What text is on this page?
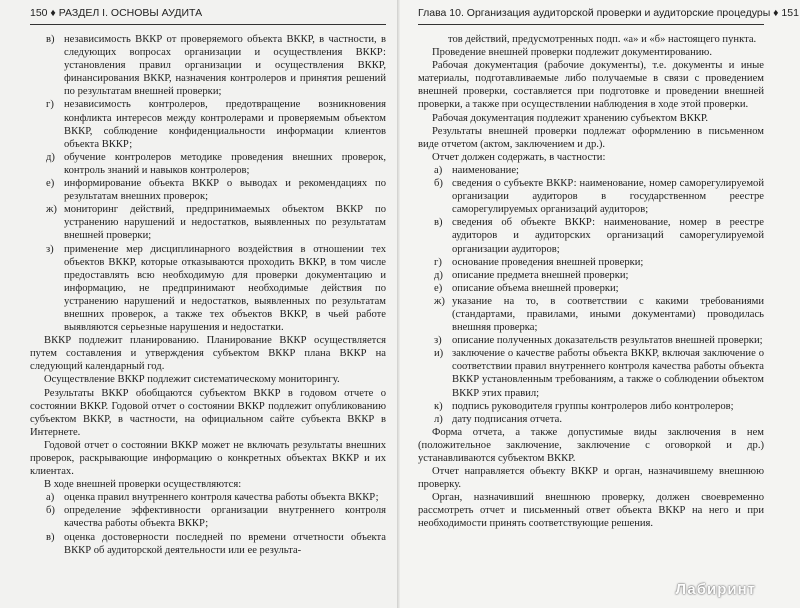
150 ♦ РАЗДЕЛ I. ОСНОВЫ АУДИТА
в) независимость ВККР от проверяемого объекта ВККР, в частности, в следующих вопросах организации и осуществления ВККР: установления правил организации и осуществления ВККР, финансирования ВККР, назначения контролеров и принятия решений по результатам внешней проверки;
г) независимость контролеров, предотвращение возникновения конфликта интересов между контролерами и проверяемым объектом ВККР, соблюдение конфиденциальности информации клиентов объекта ВККР;
д) обучение контролеров методике проведения внешних проверок, контроль знаний и навыков контролеров;
е) информирование объекта ВККР о выводах и рекомендациях по результатам внешних проверок;
ж) мониторинг действий, предпринимаемых объектом ВККР по устранению нарушений и недостатков, выявленных по результатам внешней проверки;
з) применение мер дисциплинарного воздействия в отношении тех объектов ВККР, которые отказываются проходить ВККР, в том числе предоставлять всю необходимую для проверки документацию и информацию, не предпринимают необходимые действия по устранению нарушений и недостатков, выявленных по результатам внешних проверок, а также тех объектов ВККР, в чьей работе выявляются серьезные нарушения и недостатки.

ВККР подлежит планированию. Планирование ВККР осуществляется путем составления и утверждения субъектом ВККР плана ВККР на следующий календарный год.

Осуществление ВККР подлежит систематическому мониторингу.

Результаты ВККР обобщаются субъектом ВККР в годовом отчете о состоянии ВККР. Годовой отчет о состоянии ВККР подлежит опубликованию субъектом ВККР, в частности, на официальном сайте субъекта ВККР в Интернете.

Годовой отчет о состоянии ВККР может не включать результаты внешних проверок, раскрывающие информацию о конкретных объектах ВККР и их клиентах.

В ходе внешней проверки осуществляются:

а) оценка правил внутреннего контроля качества работы объекта ВККР;
б) определение эффективности организации внутреннего контроля качества работы объекта ВККР;
в) оценка достоверности последней по времени отчетности объекта ВККР об аудиторской деятельности или ее результа-
Глава 10. Организация аудиторской проверки и аудиторские процедуры ♦ 151

тов действий, предусмотренных подп. «а» и «б» настоящего пункта.

Проведение внешней проверки подлежит документированию.

Рабочая документация (рабочие документы), т.е. документы и иные материалы, подготавливаемые либо получаемые в связи с проведением внешней проверки, составляется при подготовке и проведении внешней проверки, а также при осуществлении наблюдения в ходе этой проверки.

Рабочая документация подлежит хранению субъектом ВККР.

Результаты внешней проверки подлежат оформлению в письменном виде отчетом (актом, заключением и др.).

Отчет должен содержать, в частности:

а) наименование;
б) сведения о субъекте ВККР: наименование, номер саморегулируемой организации аудиторов в государственном реестре саморегулируемых организаций аудиторов;
в) сведения об объекте ВККР: наименование, номер в реестре аудиторов и аудиторских организаций саморегулируемой организации аудиторов;
г) основание проведения внешней проверки;
д) описание предмета внешней проверки;
е) описание объема внешней проверки;
ж) указание на то, в соответствии с какими требованиями (стандартами, правилами, иными документами) проводилась внешняя проверка;
з) описание полученных доказательств результатов внешней проверки;
и) заключение о качестве работы объекта ВККР, включая заключение о соответствии правил внутреннего контроля качества работы объекта ВККР установленным требованиям, а также о соблюдении объектом ВККР этих правил;
к) подпись руководителя группы контролеров либо контролеров;
л) дату подписания отчета.

Форма отчета, а также допустимые виды заключения в нем (положительное заключение, заключение с оговоркой и др.) устанавливаются субъектом ВККР.

Отчет направляется объекту ВККР и орган, назначившему внешнюю проверку.

Орган, назначивший внешнюю проверку, должен своевременно рассмотреть отчет и письменный ответ объекта ВККР на него и при необходимости принять соответствующие решения.

Лабиринт
